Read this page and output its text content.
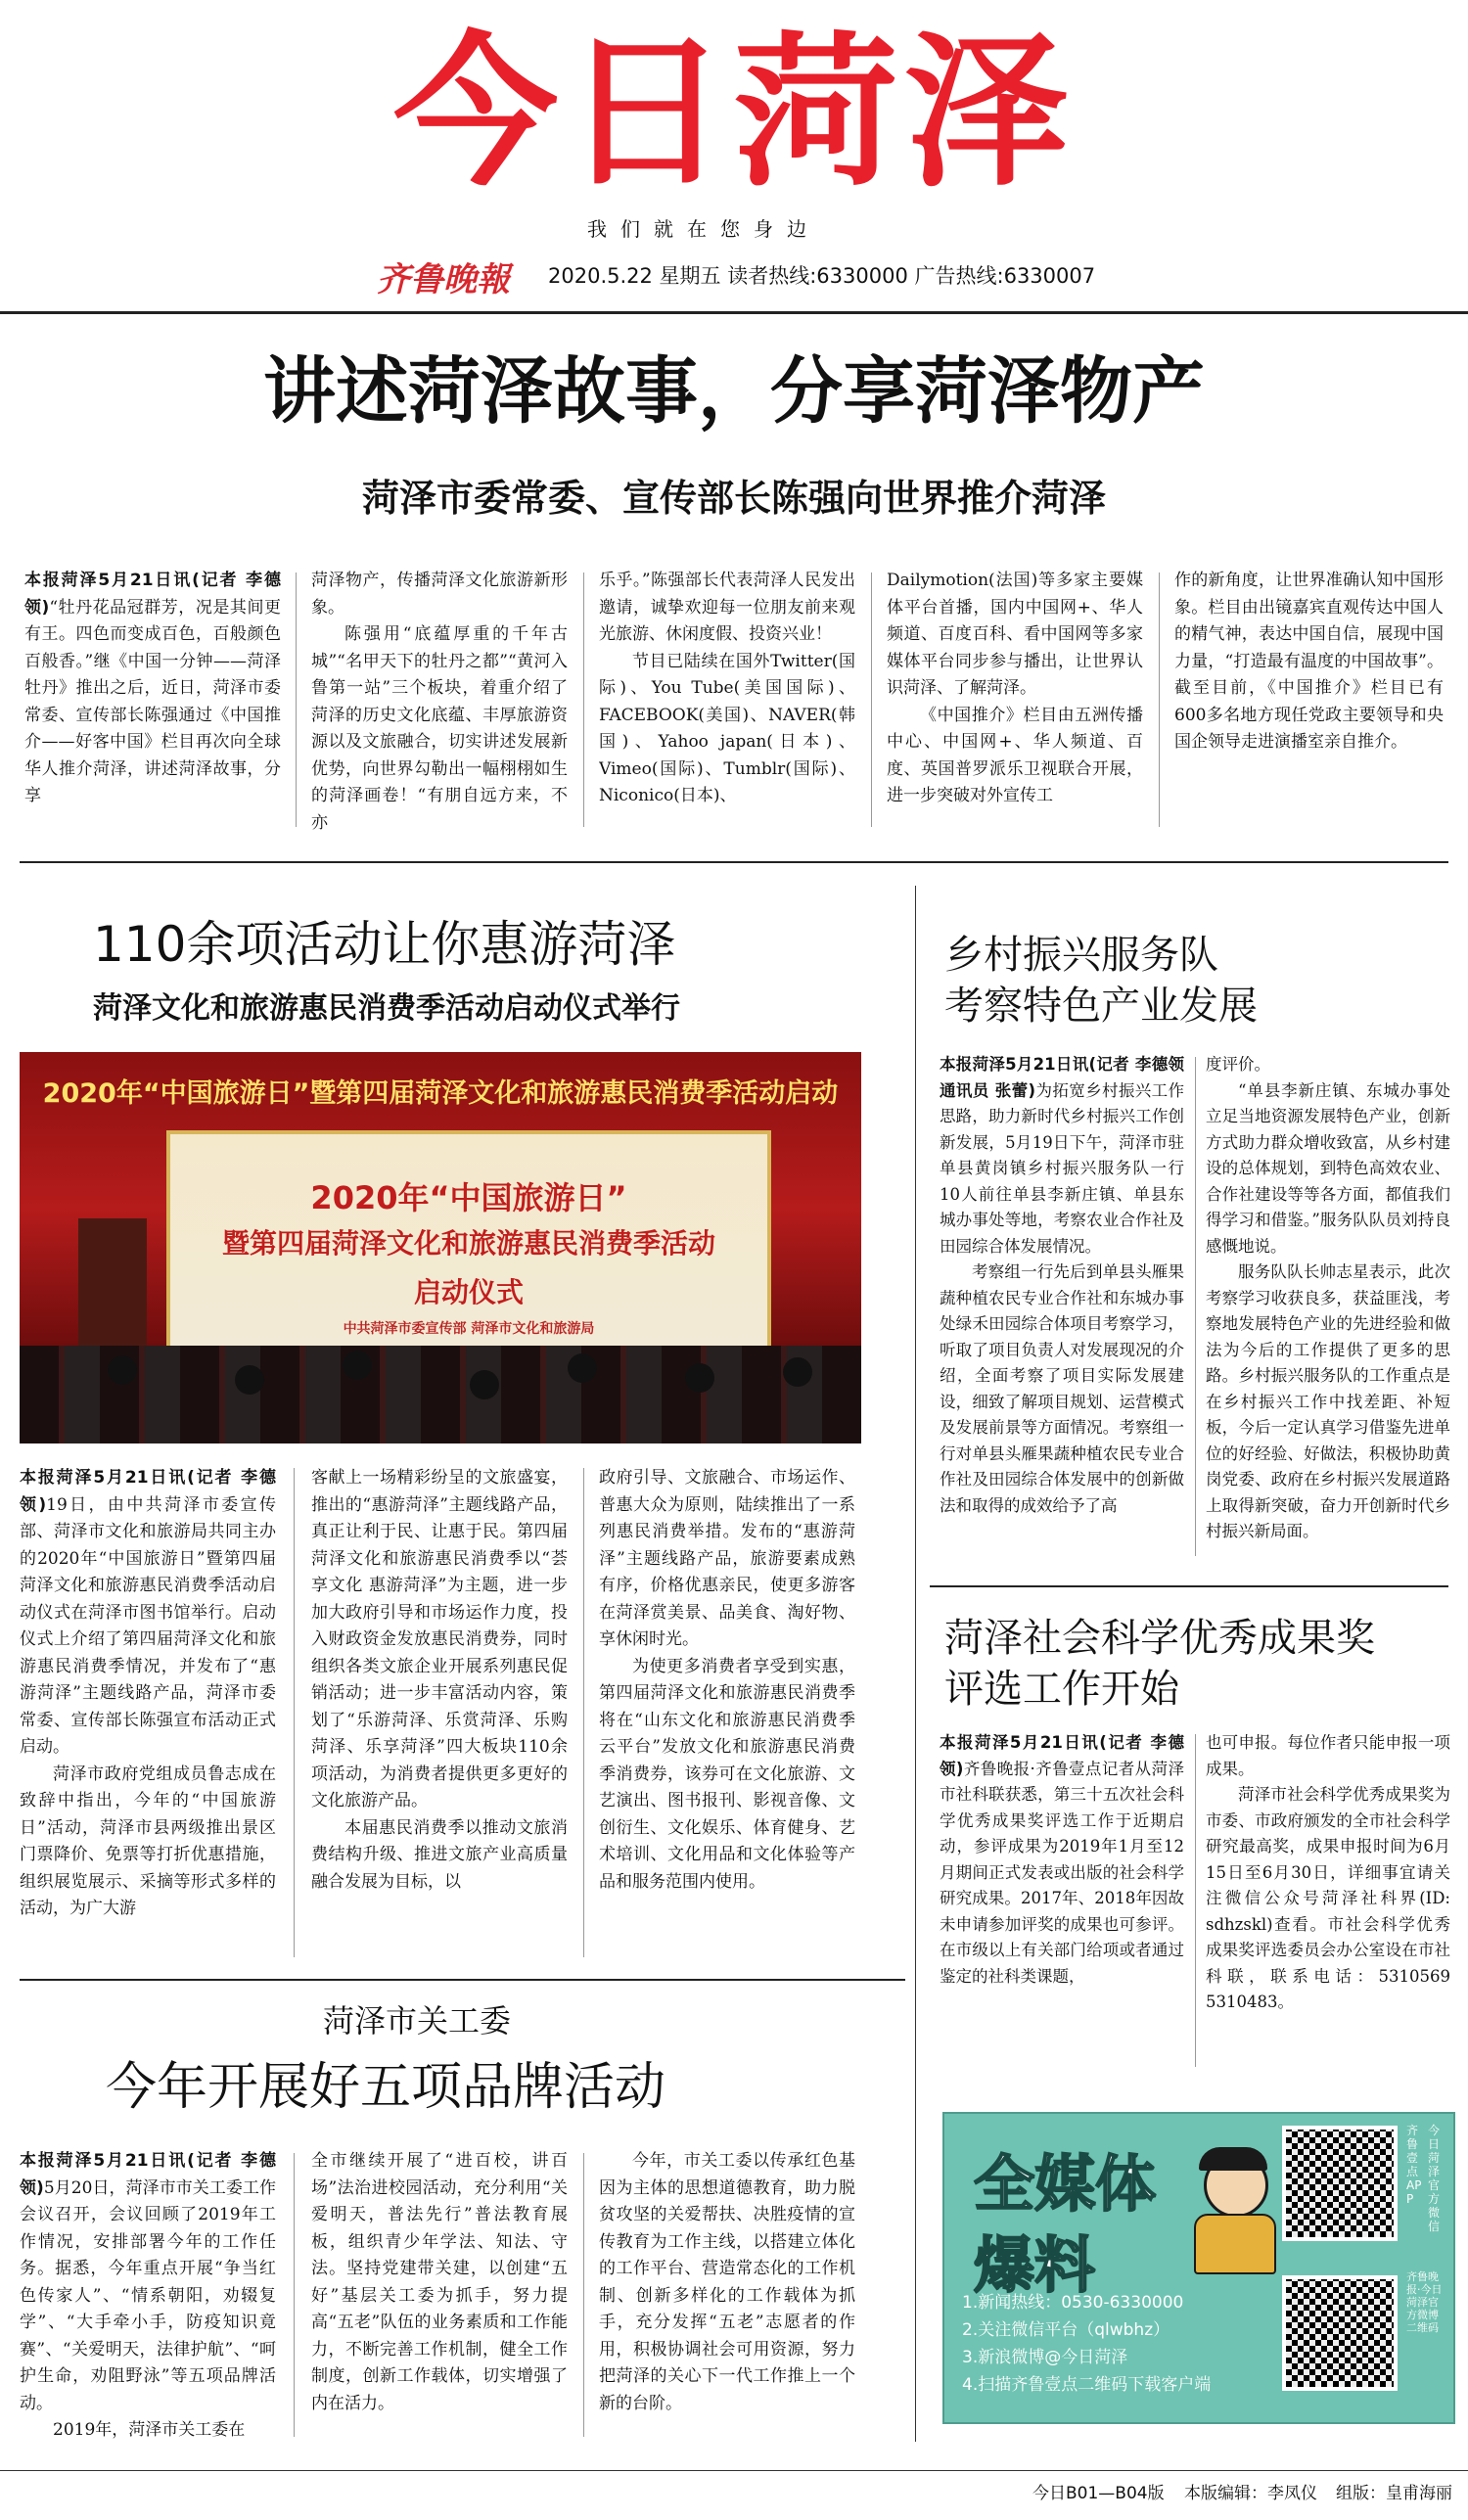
今日菏泽
我们就在您身边
齐鲁晚報 2020.5.22 星期五 读者热线:6330000 广告热线:6330007
讲述菏泽故事，分享菏泽物产
菏泽市委常委、宣传部长陈强向世界推介菏泽

本报菏泽5月21日讯(记者 李德领)“牡丹花品冠群芳，况是其间更有王。四色而变成百色，百般颜色百般香。”继《中国一分钟——菏泽牡丹》推出之后，近日，菏泽市委常委、宣传部长陈强通过《中国推介——好客中国》栏目再次向全球华人推介菏泽，讲述菏泽故事，分享

菏泽物产，传播菏泽文化旅游新形象。

陈强用“底蕴厚重的千年古城”“名甲天下的牡丹之都”“黄河入鲁第一站”三个板块，着重介绍了菏泽的历史文化底蕴、丰厚旅游资源以及文旅融合，切实讲述发展新优势，向世界勾勒出一幅栩栩如生的菏泽画卷！“有朋自远方来，不亦

乐乎。”陈强部长代表菏泽人民发出邀请，诚挚欢迎每一位朋友前来观光旅游、休闲度假、投资兴业！

节目已陆续在国外Twitter(国际)、You Tube(美国国际)、FACEBOOK(美国)、NAVER(韩国)、Yahoo japan(日本)、Vimeo(国际)、Tumblr(国际)、Niconico(日本)、

Dailymotion(法国)等多家主要媒体平台首播，国内中国网+、华人频道、百度百科、看中国网等多家媒体平台同步参与播出，让世界认识菏泽、了解菏泽。

《中国推介》栏目由五洲传播中心、中国网+、华人频道、百度、英国普罗派乐卫视联合开展，进一步突破对外宣传工

作的新角度，让世界准确认知中国形象。栏目由出镜嘉宾直观传达中国人的精气神，表达中国自信，展现中国力量，“打造最有温度的中国故事”。截至目前，《中国推介》栏目已有600多名地方现任党政主要领导和央国企领导走进演播室亲自推介。

110余项活动让你惠游菏泽
菏泽文化和旅游惠民消费季活动启动仪式举行
2020年“中国旅游日”暨第四届菏泽文化和旅游惠民消费季活动启动
2020年“中国旅游日”
暨第四届菏泽文化和旅游惠民消费季活动
启动仪式
中共菏泽市委宣传部 菏泽市文化和旅游局

本报菏泽5月21日讯(记者 李德领)19日，由中共菏泽市委宣传部、菏泽市文化和旅游局共同主办的2020年“中国旅游日”暨第四届菏泽文化和旅游惠民消费季活动启动仪式在菏泽市图书馆举行。启动仪式上介绍了第四届菏泽文化和旅游惠民消费季情况，并发布了“惠游菏泽”主题线路产品，菏泽市委常委、宣传部长陈强宣布活动正式启动。

菏泽市政府党组成员鲁志成在致辞中指出，今年的“中国旅游日”活动，菏泽市县两级推出景区门票降价、免票等打折优惠措施，组织展览展示、采摘等形式多样的活动，为广大游

客献上一场精彩纷呈的文旅盛宴，推出的“惠游菏泽”主题线路产品，真正让利于民、让惠于民。第四届菏泽文化和旅游惠民消费季以“荟享文化 惠游菏泽”为主题，进一步加大政府引导和市场运作力度，投入财政资金发放惠民消费券，同时组织各类文旅企业开展系列惠民促销活动；进一步丰富活动内容，策划了“乐游菏泽、乐赏菏泽、乐购菏泽、乐享菏泽”四大板块110余项活动，为消费者提供更多更好的文化旅游产品。

本届惠民消费季以推动文旅消费结构升级、推进文旅产业高质量融合发展为目标，以

政府引导、文旅融合、市场运作、普惠大众为原则，陆续推出了一系列惠民消费举措。发布的“惠游菏泽”主题线路产品，旅游要素成熟有序，价格优惠亲民，使更多游客在菏泽赏美景、品美食、淘好物、享休闲时光。

为使更多消费者享受到实惠，第四届菏泽文化和旅游惠民消费季将在“山东文化和旅游惠民消费季云平台”发放文化和旅游惠民消费季消费券，该券可在文化旅游、文艺演出、图书报刊、影视音像、文创衍生、文化娱乐、体育健身、艺术培训、文化用品和文化体验等产品和服务范围内使用。

乡村振兴服务队
考察特色产业发展

本报菏泽5月21日讯(记者 李德领 通讯员 张蕾)为拓宽乡村振兴工作思路，助力新时代乡村振兴工作创新发展，5月19日下午，菏泽市驻单县黄岗镇乡村振兴服务队一行10人前往单县李新庄镇、单县东城办事处等地，考察农业合作社及田园综合体发展情况。

考察组一行先后到单县头雁果蔬种植农民专业合作社和东城办事处绿禾田园综合体项目考察学习，听取了项目负责人对发展现况的介绍，全面考察了项目实际发展建设，细致了解项目规划、运营模式及发展前景等方面情况。考察组一行对单县头雁果蔬种植农民专业合作社及田园综合体发展中的创新做法和取得的成效给予了高

度评价。

“单县李新庄镇、东城办事处立足当地资源发展特色产业，创新方式助力群众增收致富，从乡村建设的总体规划，到特色高效农业、合作社建设等等各方面，都值我们得学习和借鉴。”服务队队员刘持良感慨地说。

服务队队长帅志星表示，此次考察学习收获良多，获益匪浅，考察地发展特色产业的先进经验和做法为今后的工作提供了更多的思路。乡村振兴服务队的工作重点是在乡村振兴工作中找差距、补短板，今后一定认真学习借鉴先进单位的好经验、好做法，积极协助黄岗党委、政府在乡村振兴发展道路上取得新突破，奋力开创新时代乡村振兴新局面。

菏泽社会科学优秀成果奖
评选工作开始

本报菏泽5月21日讯(记者 李德领)齐鲁晚报·齐鲁壹点记者从菏泽市社科联获悉，第三十五次社会科学优秀成果奖评选工作于近期启动，参评成果为2019年1月至12月期间正式发表或出版的社会科学研究成果。2017年、2018年因故未申请参加评奖的成果也可参评。在市级以上有关部门给项或者通过鉴定的社科类课题，

也可申报。每位作者只能申报一项成果。

菏泽市社会科学优秀成果奖为市委、市政府颁发的全市社会科学研究最高奖，成果申报时间为6月15日至6月30日，详细事宜请关注微信公众号菏泽社科界(ID: sdhzskl)查看。市社会科学优秀成果奖评选委员会办公室设在市社科联，联系电话：5310569 5310483。

菏泽市关工委
今年开展好五项品牌活动

本报菏泽5月21日讯(记者 李德领)5月20日，菏泽市市关工委工作会议召开，会议回顾了2019年工作情况，安排部署今年的工作任务。据悉，今年重点开展“争当红色传家人”、“情系朝阳，劝辍复学”、“大手牵小手，防疫知识竟赛”、“关爱明天，法律护航”、“呵护生命，劝阻野泳”等五项品牌活动。

2019年，菏泽市关工委在

全市继续开展了“进百校，讲百场”法治进校园活动，充分利用“关爱明天，普法先行”普法教育展板，组织青少年学法、知法、守法。坚持党建带关建，以创建“五好”基层关工委为抓手，努力提高“五老”队伍的业务素质和工作能力，不断完善工作机制，健全工作制度，创新工作载体，切实增强了内在活力。

今年，市关工委以传承红色基因为主体的思想道德教育，助力脱贫攻坚的关爱帮扶、决胜疫情的宣传教育为工作主线，以搭建立体化的工作平台、营造常态化的工作机制、创新多样化的工作载体为抓手，充分发挥“五老”志愿者的作用，积极协调社会可用资源，努力把菏泽的关心下一代工作推上一个新的台阶。

全媒体
爆料
1.新闻热线：0530-6330000
2.关注微信平台（qlwbhz）
3.新浪微博@今日菏泽
4.扫描齐鲁壹点二维码下载客户端
齐鲁壹点APP
今日菏泽官方微信
齐鲁晚报·今日菏泽官方微博二维码
今日B01—B04版 本版编辑：李凤仪 组版：皇甫海丽
